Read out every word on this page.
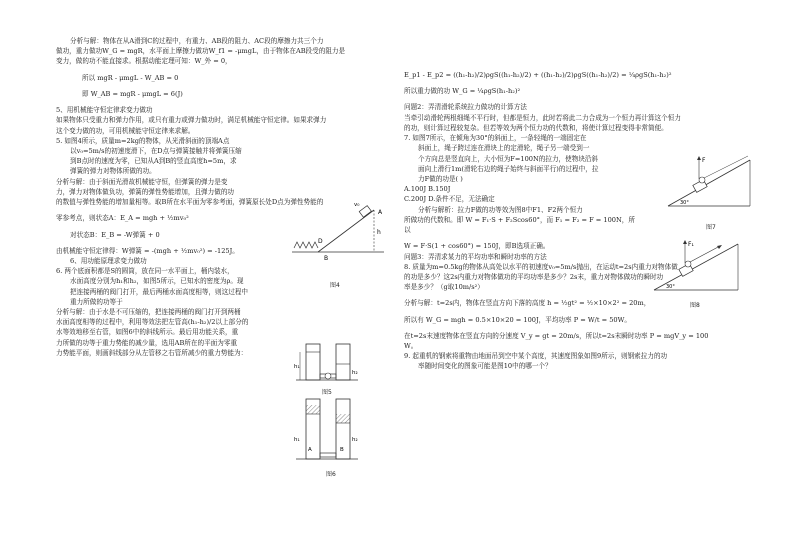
分析与解：物体在从A滑到C的过程中，有重力、AB段的阻力、AC段的摩擦力共三个力
做功，重力做功W_G = mgR，水平面上摩擦力做功W_f1 = -μmgL，由于物体在AB段受的阻力是
变力，做的功不能直接求。根据动能定理可知：W_外 = 0，
所以 mgR - μmgL - W_AB = 0
即 W_AB = mgR - μmgL = 6(J)
5、用机械能守恒定律求变力做功
如果物体只受重力和弹力作用，或只有重力或弹力做功时，满足机械能守恒定律。如果求弹力
这个变力做的功，可用机械能守恒定律来求解。
5. 如图4所示，质量m=2kg的物体，从光滑斜面的顶端A点
以v₀=5m/s的初速度滑下，在D点与弹簧接触并将弹簧压缩
到B点时的速度为零，已知从A到B的竖直高度h=5m，求
弹簧的弹力对物体所做的功。
分析与解：由于斜面光滑故机械能守恒，但弹簧的弹力是变
力，弹力对物体做负功，弹簧的弹性势能增加，且弹力做的功
的数值与弹性势能的增加量相等。取B所在水平面为零参考面，弹簧原长处D点为弹性势能的
零参考点，则状态A：E_A = mgh + ½mv₀²
对状态B：E_B = -W弹簧 + 0
由机械能守恒定律得：W弹簧 = -(mgh + ½mv₀²) = -125J。
6、用功能原理求变力做功
6. 两个底面积都是S的圆筒，放在同一水平面上，桶内装水，
水面高度分别为h₁和h₂，如图5所示，已知水的密度为ρ。现
把连接两桶的阀门打开，最后两桶水面高度相等，则这过程中
重力所做的功等于
分析与解：由于水是不可压缩的，把连接两桶的阀门打开到两桶
水面高度相等的过程中，利用等效法把左管高(h₁-h₂)/2以上部分的
水等效地移至右管，如图6中的斜线所示。最后用功能关系，重
力所做的功等于重力势能的减少量，选用AB所在的平面为零重
力势能平面，则画斜线部分从左管移之右管所减少的重力势能为：
A
B
D
h
v₀
图4
h₁
h₂
图5
A	B
h₁	h₂
图6
E_p1 - E_p2 = ((h₁-h₂)/2)ρgS((h₁-h₂)/2) + ((h₁-h₂)/2)ρgS((h₁-h₂)/2) = ¼ρgS(h₁-h₂)²
所以重力做的功 W_G = ¼ρgS(h₁-h₂)²
问题2：弄清滑轮系统拉力做功的计算方法
当牵引动滑轮两根细绳不平行时，但都是恒力，此时若将此二力合成为一个恒力再计算这个恒力
的功，则计算过程较复杂。但若等效为两个恒力功的代数和，将使计算过程变得非常简便。
7. 如图7所示，在倾角为30°的斜面上，一条轻绳的一端固定在
斜面上，绳子跨过连在滑块上的定滑轮，绳子另一端受到一
个方向总是竖直向上，大小恒为F=100N的拉力，使物块沿斜
面向上滑行1m(滑轮右边的绳子始终与斜面平行)的过程中，拉
力F做的功是( )
A.100J B.150J
C.200J D.条件不足，无法确定
分析与解析：拉力F做的功等效为图8中F1、F2两个恒力
所做功的代数和。即 W = F₁·S + F₂Scos60°，而 F₁ = F₂ = F = 100N，所
以
W = F·S(1 + cos60°) = 150J，即B选项正确。
问题3：弄清求某力的平均功率和瞬时功率的方法
8. 质量为m=0.5kg的物体从高处以水平的初速度v₀=5m/s抛出，在运动t=2s内重力对物体做
的功是多少？这2s内重力对物体做功的平均功率是多少？2s末，重力对物体做功的瞬时功
率是多少？（g取10m/s²）
分析与解：t=2s内，物体在竖直方向下落的高度 h = ½gt² = ½×10×2² = 20m，
所以有 W_G = mgh = 0.5×10×20 = 100J，平均功率 P = W/t = 50W。
在t=2s末速度物体在竖直方向的分速度 V_y = gt = 20m/s，所以t=2s末瞬时功率 P = mgV_y = 100
W。
9. 起重机的钢索将重物由地面吊到空中某个高度，其速度图象如图9所示，则钢索拉力的功
率随时间变化的图象可能是图10中的哪一个？
F
30°
图7
F₁
30°
图8
